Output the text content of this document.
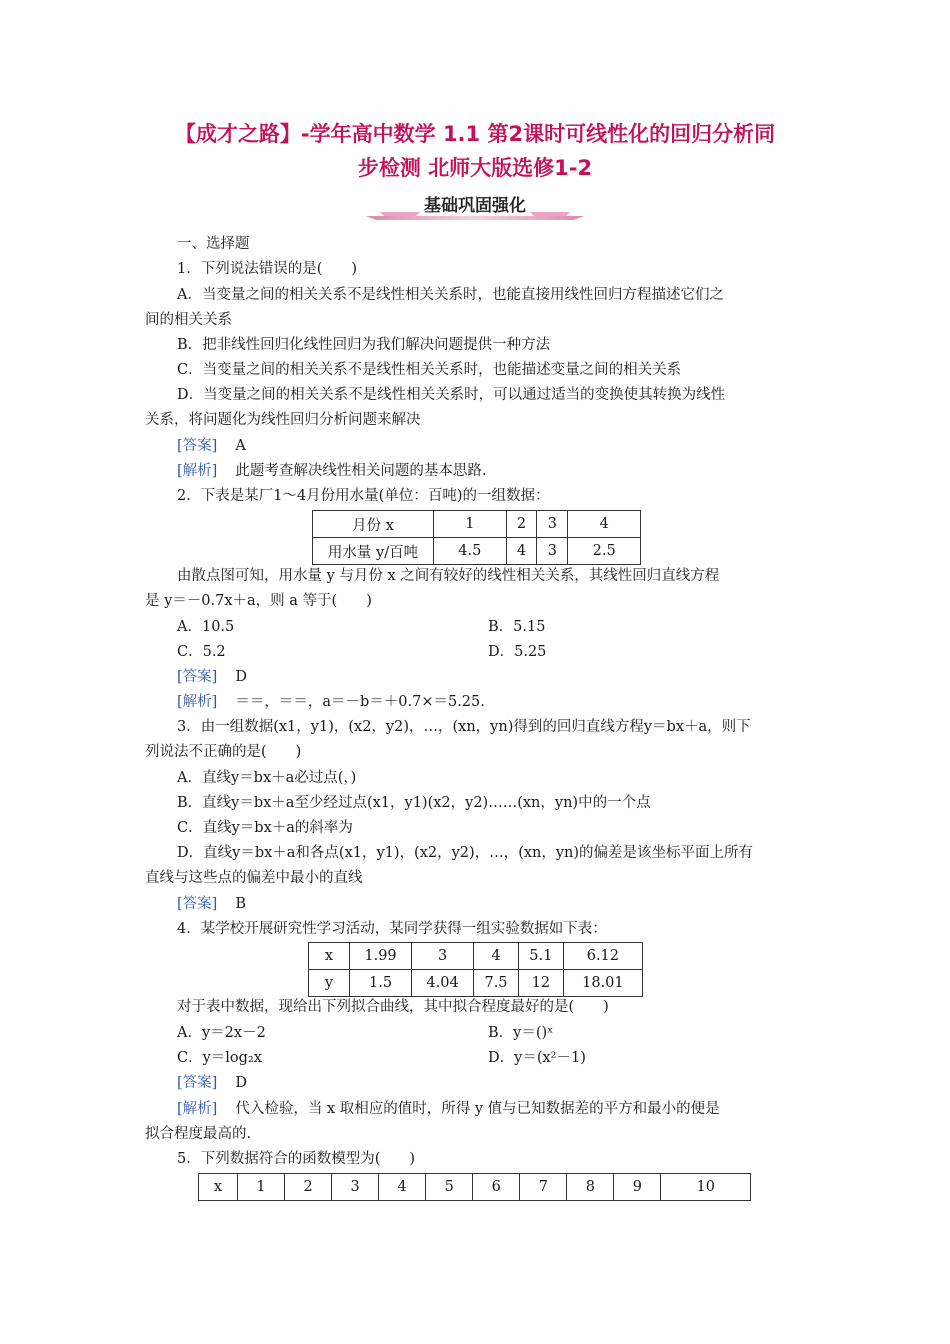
【成才之路】-学年高中数学 1.1 第2课时可线性化的回归分析同
步检测 北师大版选修1-2
基础巩固强化
一、选择题
1．下列说法错误的是(　　)
A．当变量之间的相关关系不是线性相关关系时，也能直接用线性回归方程描述它们之
间的相关关系
B．把非线性回归化线性回归为我们解决问题提供一种方法
C．当变量之间的相关关系不是线性相关关系时，也能描述变量之间的相关关系
D．当变量之间的相关关系不是线性相关关系时，可以通过适当的变换使其转换为线性
关系，将问题化为线性回归分析问题来解决
[答案] A
[解析] 此题考查解决线性相关问题的基本思路.
2．下表是某厂1～4月份用水量(单位：百吨)的一组数据：
月份 x	1	2	3	4
用水量 y/百吨	4.5	4	3	2.5
由散点图可知，用水量 y 与月份 x 之间有较好的线性相关关系，其线性回归直线方程
是 y＝－0.7x＋a，则 a 等于(　　)
A．10.5	B．5.15
C．5.2	D．5.25
[答案] D
[解析] ＝＝，＝＝，a＝－b＝＋0.7×＝5.25.
3．由一组数据(x1，y1)，(x2，y2)，…，(xn，yn)得到的回归直线方程y＝bx＋a，则下
列说法不正确的是(　　)
A．直线y＝bx＋a必过点(，)
B．直线y＝bx＋a至少经过点(x1，y1)(x2，y2)……(xn，yn)中的一个点
C．直线y＝bx＋a的斜率为
D．直线y＝bx＋a和各点(x1，y1)，(x2，y2)，…，(xn，yn)的偏差是该坐标平面上所有
直线与这些点的偏差中最小的直线
[答案] B
4．某学校开展研究性学习活动，某同学获得一组实验数据如下表：
x	1.99	3	4	5.1	6.12
y	1.5	4.04	7.5	12	18.01
对于表中数据，现给出下列拟合曲线，其中拟合程度最好的是(　　)
A．y＝2x－2	B．y＝()ˣ
C．y＝log₂x	D．y＝(x²－1)
[答案] D
[解析] 代入检验，当 x 取相应的值时，所得 y 值与已知数据差的平方和最小的便是
拟合程度最高的.
5．下列数据符合的函数模型为(　　)
x	1	2	3	4	5	6	7	8	9	10
